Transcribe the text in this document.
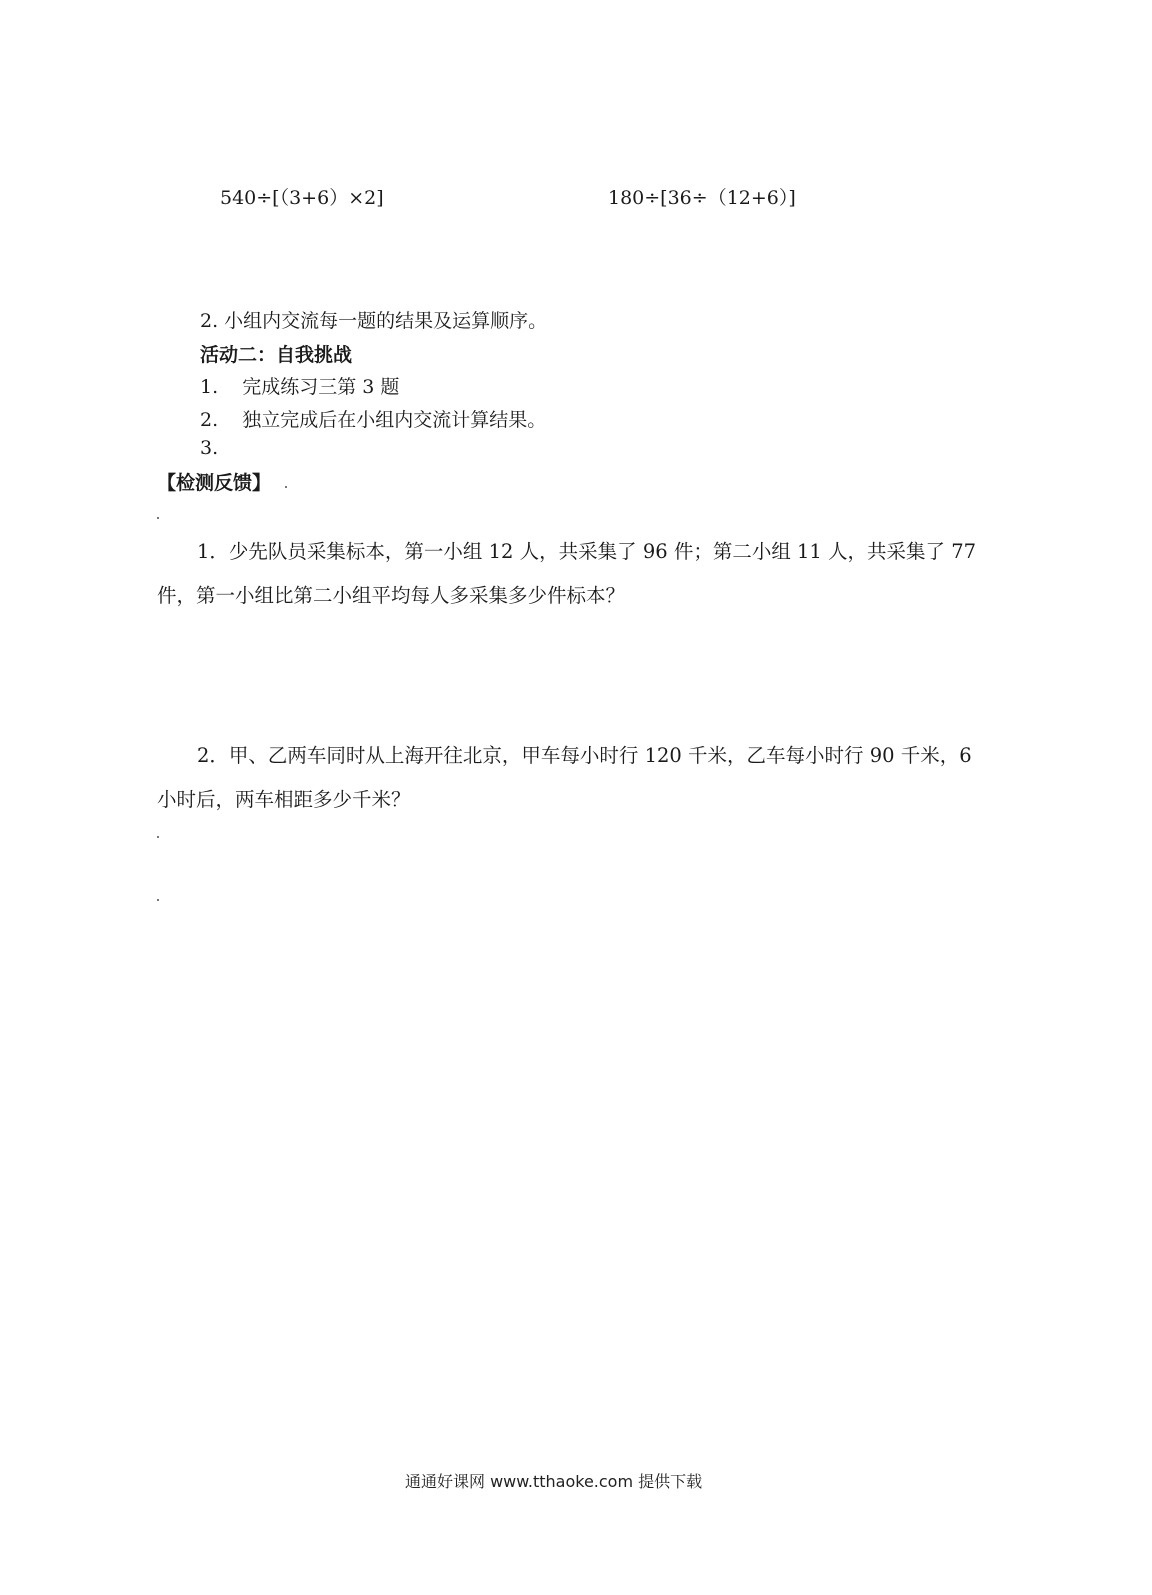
540÷[（3+6）×2]	180÷[36÷（12+6）]
2. 小组内交流每一题的结果及运算顺序。
活动二：自我挑战
1. 完成练习三第 3 题
2. 独立完成后在小组内交流计算结果。
3.
【检测反馈】
1．少先队员采集标本，第一小组 12 人，共采集了 96 件；第二小组 11 人，共采集了 77 件，第一小组比第二小组平均每人多采集多少件标本？
2．甲、乙两车同时从上海开往北京，甲车每小时行 120 千米，乙车每小时行 90 千米，6 小时后，两车相距多少千米？
通通好课网 www.tthaoke.com 提供下载
